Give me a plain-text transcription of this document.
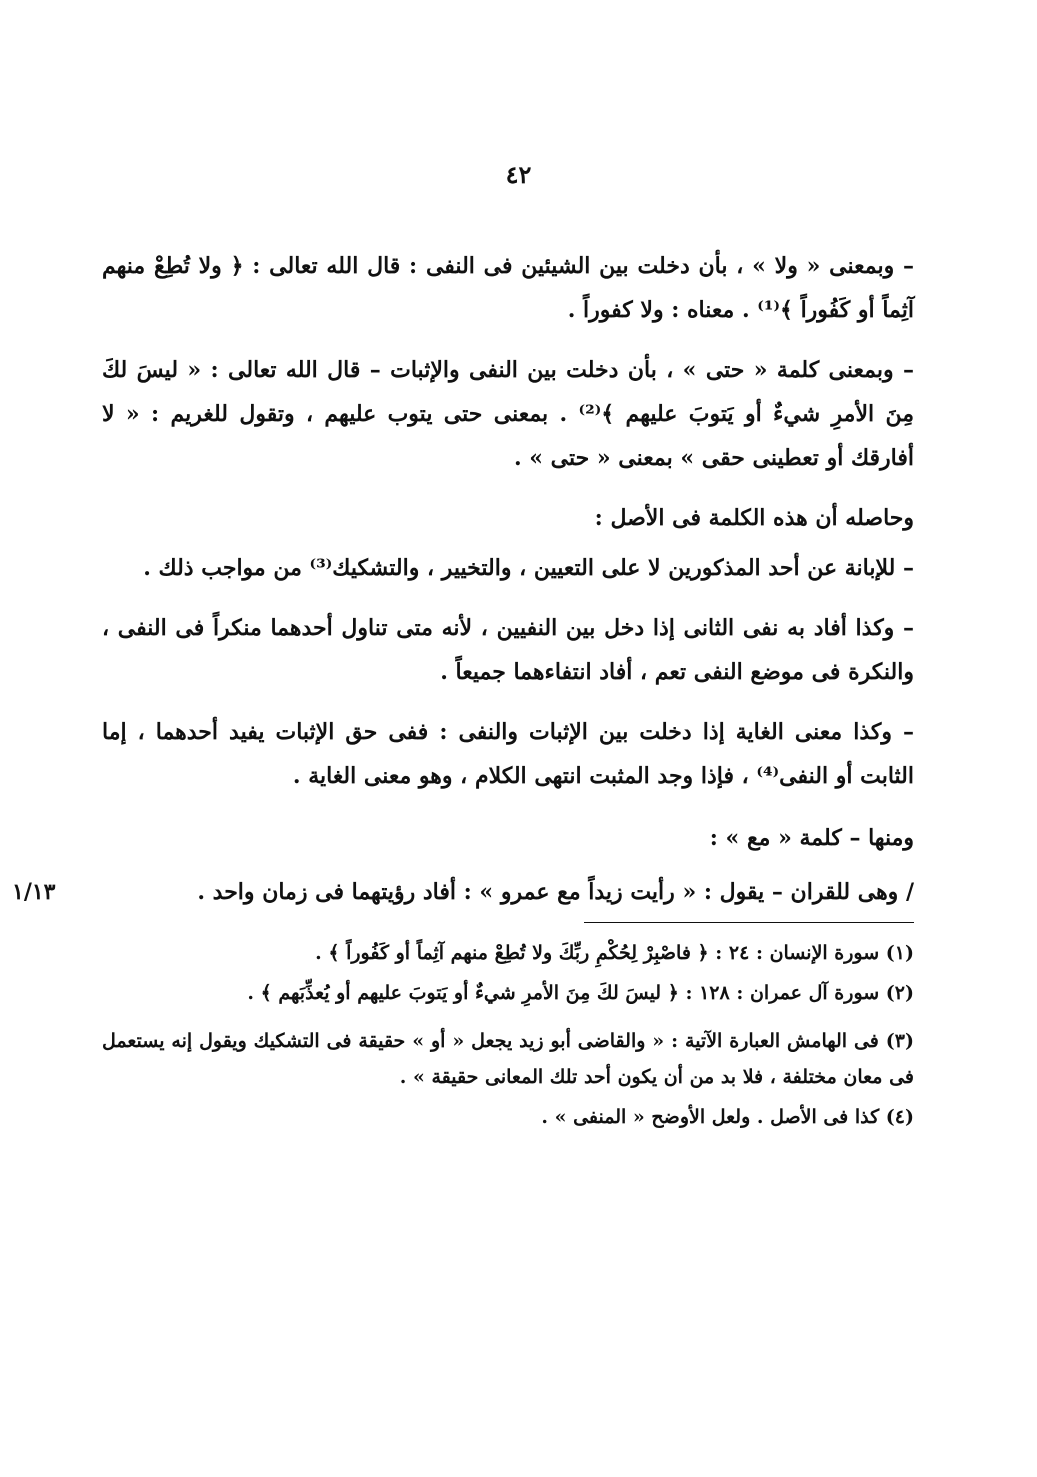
٤٢

– وبمعنى « ولا » ، بأن دخلت بين الشيئين فى النفى : قال الله تعالى : ﴿ ولا تُطِعْ منهم آثِماً أو كَفُوراً ﴾⁽¹⁾ . معناه : ولا كفوراً .

– وبمعنى كلمة « حتى » ، بأن دخلت بين النفى والإثبات – قال الله تعالى : « ليسَ لكَ مِنَ الأمرِ شيءٌ أو يَتوبَ عليهم ﴾⁽²⁾ . بمعنى حتى يتوب عليهم ، وتقول للغريم : « لا أفارقك أو تعطينى حقى » بمعنى « حتى » .

وحاصله أن هذه الكلمة فى الأصل :

– للإبانة عن أحد المذكورين لا على التعيين ، والتخيير ، والتشكيك⁽³⁾ من مواجب ذلك .

– وكذا أفاد به نفى الثانى إذا دخل بين النفيين ، لأنه متى تناول أحدهما منكراً فى النفى ، والنكرة فى موضع النفى تعم ، أفاد انتفاءهما جميعاً .

– وكذا معنى الغاية إذا دخلت بين الإثبات والنفى : ففى حق الإثبات يفيد أحدهما ، إما الثابت أو النفى⁽⁴⁾ ، فإذا وجد المثبت انتهى الكلام ، وهو معنى الغاية .

ومنها – كلمة « مع » :

/ وهى للقران – يقول : « رأيت زيداً مع عمرو » : أفاد رؤيتهما فى زمان واحد .

١/١٣

(١) سورة الإنسان : ٢٤ : ﴿ فاصْبِرْ لِحُكْمِ ربِّكَ ولا تُطِعْ منهم آثِماً أو كَفُوراً ﴾ .

(٢) سورة آل عمران : ١٢٨ : ﴿ ليسَ لكَ مِنَ الأمرِ شيءٌ أو يَتوبَ عليهم أو يُعذِّبَهم ﴾ .

(٣) فى الهامش العبارة الآتية : « والقاضى أبو زيد يجعل « أو » حقيقة فى التشكيك ويقول إنه يستعمل فى معان مختلفة ، فلا بد من أن يكون أحد تلك المعانى حقيقة » .

(٤) كذا فى الأصل . ولعل الأوضح « المنفى » .
